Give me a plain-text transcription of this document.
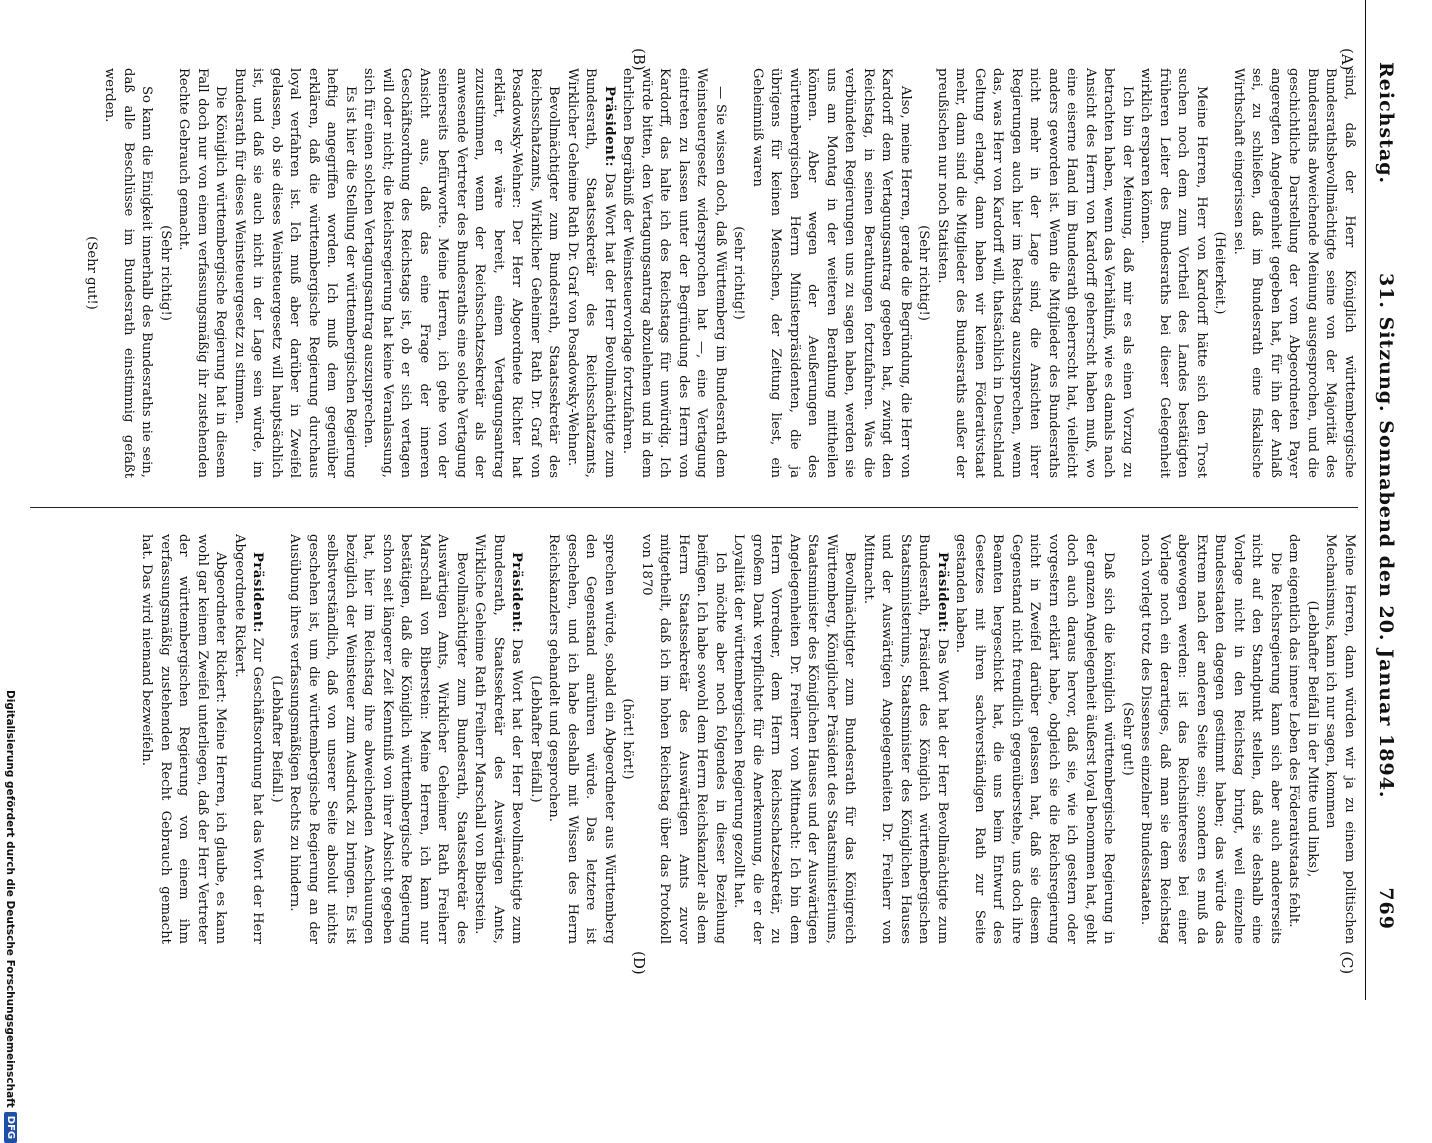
Reichstag.
31. Sitzung. Sonnabend den 20. Januar 1894.
769
(A)
(B)
(C)
(D)

sind, daß der Herr Königlich württembergische Bundesrathsbevollmächtigte seine von der Majorität des Bundesraths abweichende Meinung ausgesprochen, und die geschichtliche Darstellung der vom Abgeordneten Payer angeregten Angelegenheit gegeben hat, für ihn der Anlaß sei, zu schließen, daß im Bundesrath eine fiskalische Wirthschaft eingerissen sei.

(Heiterkeit.)

Meine Herren, Herr von Kardorff hätte sich den Trost suchen noch dem zum Vortheil des Landes bestätigten früheren Leiter des Bundesraths bei dieser Gelegenheit wirklich ersparen können.

Ich bin der Meinung, daß mir es als einen Vorzug zu betrachten haben, wenn das Verhältniß, wie es damals nach Ansicht des Herrn von Kardorff geherrscht haben muß, wo eine eiserne Hand im Bundesrath geherrscht hat, vielleicht anders geworden ist. Wenn die Mitglieder des Bundesraths nicht mehr in der Lage sind, die Ansichten ihrer Regierungen auch hier im Reichstag auszusprechen, wenn das, was Herr von Kardorff will, thatsächlich in Deutschland Geltung erlangt, dann haben wir keinen Föderativstaat mehr, dann sind die Mitglieder des Bundesraths außer der preußischen nur noch Statisten.

(Sehr richtig!)

Also, meine Herren, gerade die Begründung, die Herr von Kardorff dem Vertagungsantrag gegeben hat, zwingt den Reichstag, in seinen Berathungen fortzufahren. Was die verbündeten Regierungen uns zu sagen haben, werden sie uns am Montag in der weiteren Berathung mittheilen können. Aber wegen der Aeußerungen des württembergischen Herrn Ministerpräsidenten, die ja übrigens für keinen Menschen, der Zeitung liest, ein Geheimniß waren

(sehr richtig!)

— Sie wissen doch, daß Württemberg im Bundesrath dem Weinsteuergesetz widersprochen hat —, eine Vertagung eintreten zu lassen unter der Begründung des Herrn von Kardorff, das halte ich des Reichstags für unwürdig. Ich würde bitten, den Vertagungsantrag abzulehnen und in dem ehrlichen Begräbniß der Weinsteuervorlage fortzufahren.

Präsident: Das Wort hat der Herr Bevollmächtigte zum Bundesrath, Staatssekretär des Reichsschatzamts, Wirklicher Geheime Rath Dr. Graf von Posadowsky-Wehner.

Bevollmächtigter zum Bundesrath, Staatssekretär des Reichsschatzamts, Wirklicher Geheimer Rath Dr. Graf von Posadowsky-Wehner: Der Herr Abgeordnete Richter hat erklärt, er wäre bereit, einem Vertagungsantrag zuzustimmen, wenn der Reichsschatzsekretär als der anwesende Vertreter des Bundesraths eine solche Vertagung seinerseits befürworte. Meine Herren, ich gehe von der Ansicht aus, daß das eine Frage der inneren Geschäftsordnung des Reichstags ist, ob er sich vertagen will oder nicht; die Reichsregierung hat keine Veranlassung, sich für einen solchen Vertagungsantrag auszusprechen.

Es ist hier die Stellung der württembergischen Regierung heftig angegriffen worden. Ich muß dem gegenüber erklären, daß die württembergische Regierung durchaus loyal verfahren ist. Ich muß aber darüber in Zweifel gelassen, ob sie dieses Weinsteuergesetz will hauptsächlich ist, und daß sie auch nicht in der Lage sein würde, im Bundesrath für dieses Weinsteuergesetz zu stimmen.

Die Königlich württembergische Regierung hat in diesem Fall doch nur von einem verfassungsmäßig ihr zustehenden Rechte Gebrauch gemacht.

(Sehr richtig!)

So kann die Einigkeit innerhalb des Bundesraths nie sein, daß alle Beschlüsse im Bundesrath einstimmig gefaßt werden.

(Sehr gut!)

Meine Herren, dann würden wir ja zu einem politischen Mechanismus, kann ich nur sagen, kommen

(Lebhafter Beifall in der Mitte und links),

dem eigentlich das innere Leben des Föderativstaats fehlt.

Die Reichsregierung kann sich aber auch andererseits nicht auf den Standpunkt stellen, daß sie deshalb eine Vorlage nicht in den Reichstag bringt, weil einzelne Bundesstaaten dagegen gestimmt haben; das würde das Extrem nach der anderen Seite sein; sondern es muß da abgewogen werden: ist das Reichsinteresse bei einer Vorlage noch ein derartiges, daß man sie dem Reichstag noch vorlegt trotz des Dissenses einzelner Bundesstaaten.

(Sehr gut!)

Daß sich die königlich württembergische Regierung in der ganzen Angelegenheit äußerst loyal benommen hat, geht doch auch daraus hervor, daß sie, wie ich gestern oder vorgestern erklärt habe, obgleich sie die Reichsregierung nicht in Zweifel darüber gelassen hat, daß sie diesem Gegenstand nicht freundlich gegenüberstehe, uns doch ihre Beamten hergeschickt hat, die uns beim Entwurf des Gesetzes mit ihren sachverständigen Rath zur Seite gestanden haben.

Präsident: Das Wort hat der Herr Bevollmächtigte zum Bundesrath, Präsident des Königlich württembergischen Staatsministeriums, Staatsminister des Königlichen Hauses und der Auswärtigen Angelegenheiten Dr. Freiherr von Mittnacht.

Bevollmächtigter zum Bundesrath für das Königreich Württemberg, Königlicher Präsident des Staatsministeriums, Staatsminister des Königlichen Hauses und der Auswärtigen Angelegenheiten Dr. Freiherr von Mittnacht: Ich bin dem Herrn Vorredner, dem Herrn Reichsschatzsekretär, zu großem Dank verpflichtet für die Anerkennung, die er der Loyalität der württembergischen Regierung gezollt hat.

Ich möchte aber noch folgendes in dieser Beziehung beifügen. Ich habe sowohl dem Herrn Reichskanzler als dem Herrn Staatssekretär des Auswärtigen Amts zuvor mitgetheilt, daß ich im hohen Reichstag über das Protokoll von 1870

(hört! hört!)

sprechen würde, sobald ein Abgeordneter aus Württemberg den Gegenstand anrühren würde. Das letztere ist geschehen, und ich habe deshalb mit Wissen des Herrn Reichskanzlers gehandelt und gesprochen.

(Lebhafter Beifall.)

Präsident: Das Wort hat der Herr Bevollmächtigte zum Bundesrath, Staatssekretär des Auswärtigen Amts, Wirkliche Geheime Rath Freiherr Marschall von Biberstein.

Bevollmächtigter zum Bundesrath, Staatssekretär des Auswärtigen Amts, Wirklicher Geheimer Rath Freiherr Marschall von Biberstein: Meine Herren, ich kann nur bestätigen, daß die Königlich württembergische Regierung schon seit längerer Zeit Kenntniß von ihrer Absicht gegeben hat, hier im Reichstag ihre abweichenden Anschauungen bezüglich der Weinsteuer zum Ausdruck zu bringen. Es ist selbstverständlich, daß von unserer Seite absolut nichts geschehen ist, um die württembergische Regierung an der Ausübung ihres verfassungsmäßigen Rechts zu hindern.

(Lebhafter Beifall.)

Präsident: Zur Geschäftsordnung hat das Wort der Herr Abgeordnete Rickert.

Abgeordneter Rickert: Meine Herren, ich glaube, es kann wohl gar keinem Zweifel unterliegen, daß der Herr Vertreter der württembergischen Regierung von einem ihm verfassungsmäßig zustehenden Recht Gebrauch gemacht hat. Das wird niemand bezweifeln.

Digitalisierung gefördert durch die Deutsche Forschungsgemeinschaft
DFG
